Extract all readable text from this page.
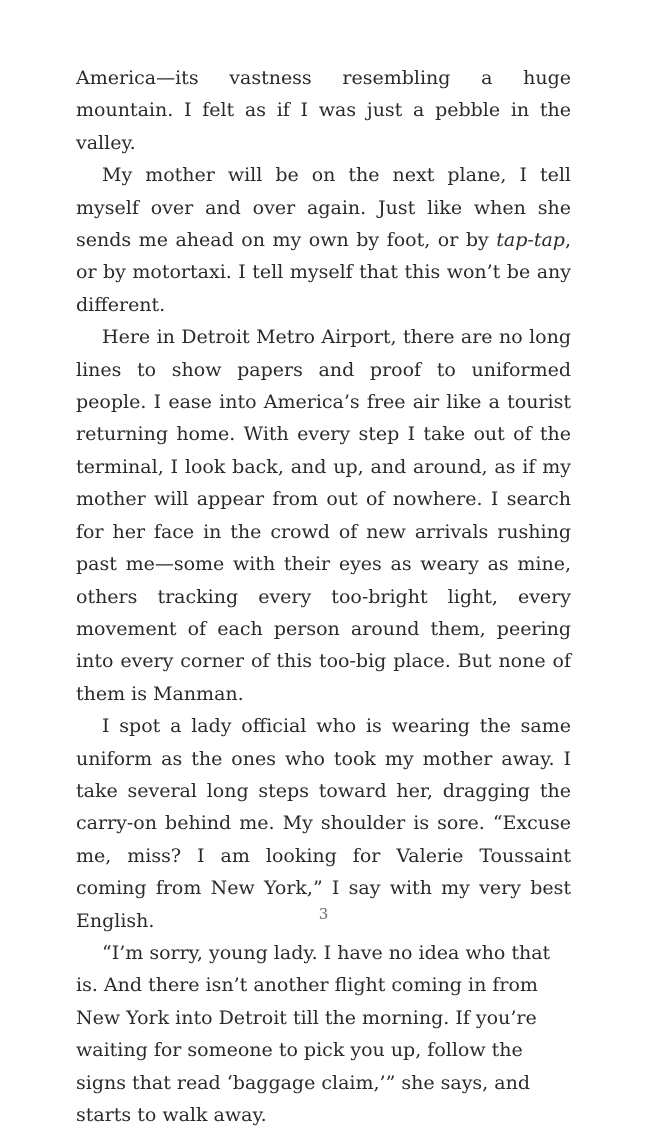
America—its vastness resembling a huge mountain. I felt as if I was just a pebble in the valley.

My mother will be on the next plane, I tell myself over and over again. Just like when she sends me ahead on my own by foot, or by tap-tap, or by motortaxi. I tell myself that this won’t be any different.

Here in Detroit Metro Airport, there are no long lines to show papers and proof to uniformed people. I ease into America’s free air like a tourist returning home. With every step I take out of the terminal, I look back, and up, and around, as if my mother will appear from out of nowhere. I search for her face in the crowd of new arrivals rushing past me—some with their eyes as weary as mine, others tracking every too-bright light, every movement of each person around them, peering into every corner of this too-big place. But none of them is Manman.

I spot a lady official who is wearing the same uniform as the ones who took my mother away. I take several long steps toward her, dragging the carry-on behind me. My shoulder is sore. “Excuse me, miss? I am looking for Valerie Toussaint coming from New York,” I say with my very best English.

“I’m sorry, young lady. I have no idea who that is. And there isn’t another flight coming in from New York into Detroit till the morning. If you’re waiting for someone to pick you up, follow the signs that read ‘baggage claim,’” she says, and starts to walk away.

3
